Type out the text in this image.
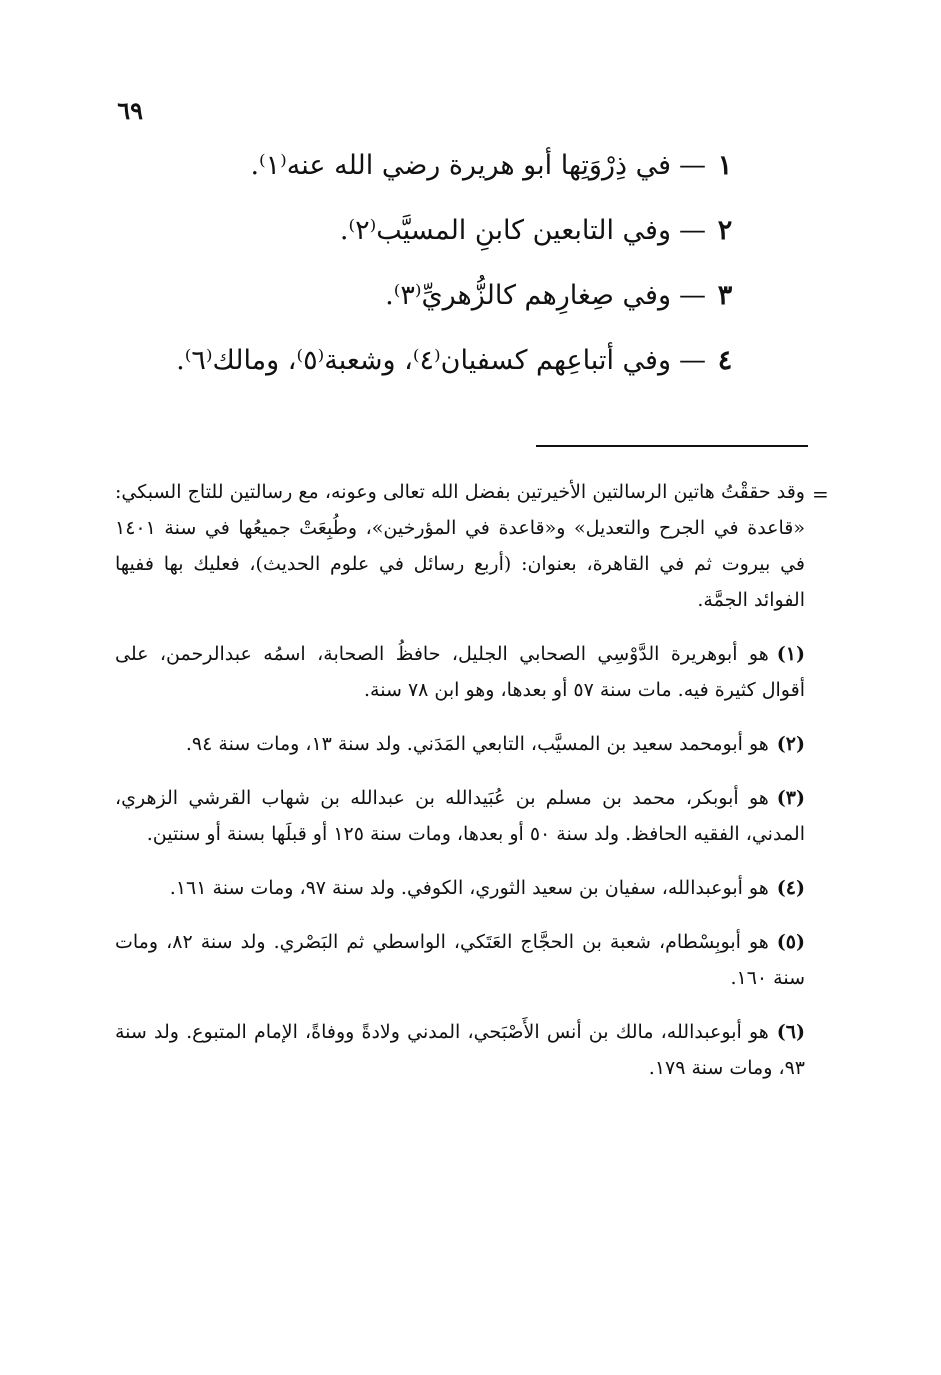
٦٩
١—في ذِرْوَتِها أبو هريرة رضي الله عنه⁽١⁾.
٢—وفي التابعين كابنِ المسيَّب⁽٢⁾.
٣—وفي صِغارِهم كالزُّهريِّ⁽٣⁾.
٤—وفي أتباعِهم كسفيان⁽٤⁾، وشعبة⁽٥⁾، ومالك⁽٦⁾.
=

وقد حققْتُ هاتين الرسالتين الأخيرتين بفضل الله تعالى وعونه، مع رسالتين للتاج السبكي: «قاعدة في الجرح والتعديل» و«قاعدة في المؤرخين»، وطُبِعَتْ جميعُها في سنة ١٤٠١ في بيروت ثم في القاهرة، بعنوان: (أربع رسائل في علوم الحديث)، فعليك بها ففيها الفوائد الجمَّة.

(١)هو أبوهريرة الدَّوْسِي الصحابي الجليل، حافظُ الصحابة، اسمُه عبدالرحمن، على أقوال كثيرة فيه. مات سنة ٥٧ أو بعدها، وهو ابن ٧٨ سنة.

(٢)هو أبومحمد سعيد بن المسيَّب، التابعي المَدَني. ولد سنة ١٣، ومات سنة ٩٤.

(٣)هو أبوبكر، محمد بن مسلم بن عُبَيدالله بن عبدالله بن شهاب القرشي الزهري، المدني، الفقيه الحافظ. ولد سنة ٥٠ أو بعدها، ومات سنة ١٢٥ أو قبلَها بسنة أو سنتين.

(٤)هو أبوعبدالله، سفيان بن سعيد الثوري، الكوفي. ولد سنة ٩٧، ومات سنة ١٦١.

(٥)هو أبوبِسْطام، شعبة بن الحجَّاج العَتَكي، الواسطي ثم البَصْري. ولد سنة ٨٢، ومات سنة ١٦٠.

(٦)هو أبوعبدالله، مالك بن أنس الأَصْبَحي، المدني ولادةً ووفاةً، الإمام المتبوع. ولد سنة ٩٣، ومات سنة ١٧٩.
